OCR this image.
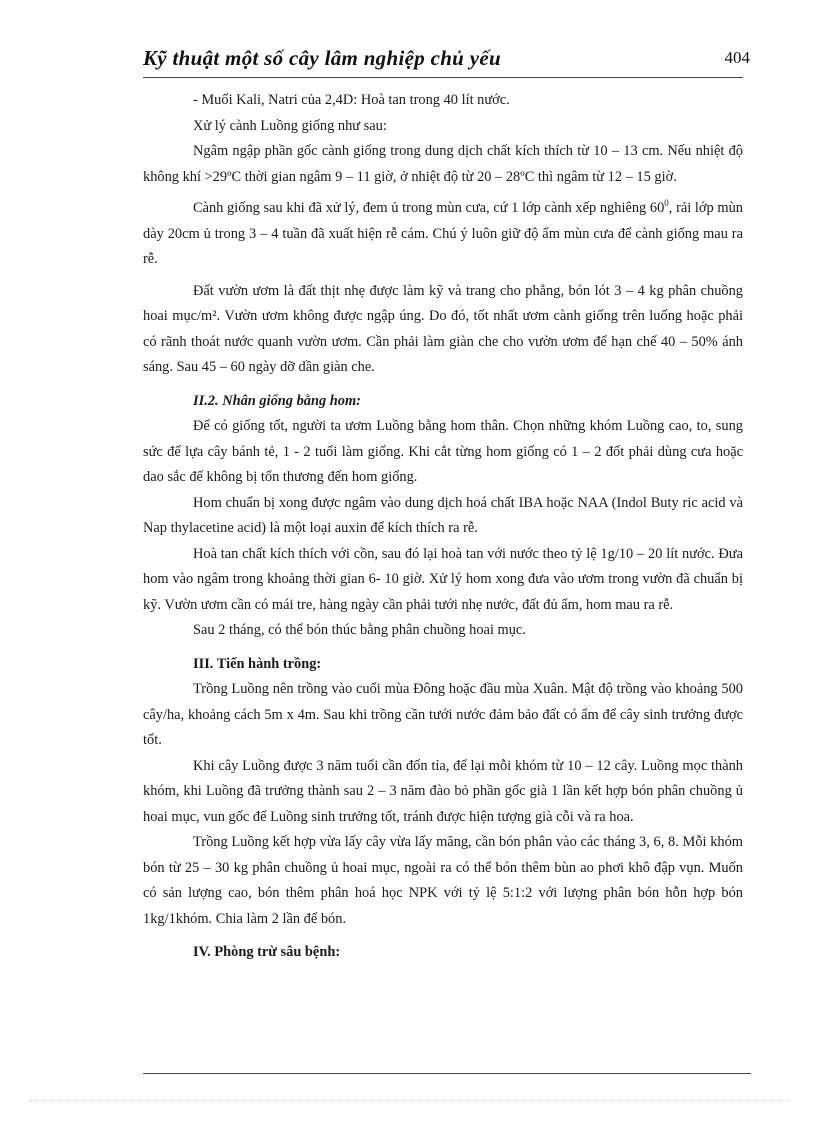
Kỹ thuật một số cây lâm nghiệp chủ yếu	404

- Muối Kali, Natri của 2,4D: Hoà tan trong 40 lít nước.

Xử lý cành Luồng giống như sau:

Ngâm ngập phần gốc cành giống trong dung dịch chất kích thích từ 10 – 13 cm. Nếu nhiệt độ không khí >29ºC thời gian ngâm 9 – 11 giờ, ở nhiệt độ từ 20 – 28ºC thì ngâm từ 12 – 15 giờ.

Cành giống sau khi đã xử lý, đem ủ trong mùn cưa, cứ 1 lớp cành xếp nghiêng $60^0$, rải lớp mùn dày 20cm ủ trong 3 – 4 tuần đã xuất hiện rễ cám. Chú ý luôn giữ độ ẩm mùn cưa để cành giống mau ra rễ.

Đất vườn ươm là đất thịt nhẹ được làm kỹ và trang cho phẳng, bón lót 3 – 4 kg phân chuồng hoai mục/m². Vườn ươm không được ngập úng. Do đó, tốt nhất ươm cành giống trên luống hoặc phải có rãnh thoát nước quanh vườn ươm. Cần phải làm giàn che cho vườn ươm để hạn chế 40 – 50% ánh sáng. Sau 45 – 60 ngày dỡ dần giàn che.

II.2. Nhân giống bằng hom:

Để có giống tốt, người ta ươm Luồng bằng hom thân. Chọn những khóm Luồng cao, to, sung sức để lựa cây bánh tẻ, 1 - 2 tuổi làm giống. Khi cắt từng hom giống có 1 – 2 đốt phải dùng cưa hoặc dao sắc để không bị tổn thương đến hom giống.

Hom chuẩn bị xong được ngâm vào dung dịch hoá chất IBA hoặc NAA (Indol Buty ric acid và Nap thylacetine acid) là một loại auxin để kích thích ra rễ.

Hoà tan chất kích thích với cồn, sau đó lại hoà tan với nước theo tỷ lệ 1g/10 – 20 lít nước. Đưa hom vào ngâm trong khoảng thời gian 6- 10 giờ. Xử lý hom xong đưa vào ươm trong vườn đã chuẩn bị kỹ. Vườn ươm cần có mái tre, hàng ngày cần phải tưới nhẹ nước, đất đủ ẩm, hom mau ra rễ.

Sau 2 tháng, có thể bón thúc bằng phân chuồng hoai mục.

III. Tiến hành trồng:

Trồng Luồng nên trồng vào cuối mùa Đông hoặc đầu mùa Xuân. Mật độ trồng vào khoảng 500 cây/ha, khoảng cách 5m x 4m. Sau khi trồng cần tưới nước đảm bảo đất có ẩm để cây sinh trưởng được tốt.

Khi cây Luồng được 3 năm tuổi cần đốn tỉa, để lại mỗi khóm từ 10 – 12 cây. Luồng mọc thành khóm, khi Luồng đã trưởng thành sau 2 – 3 năm đào bỏ phần gốc già 1 lần kết hợp bón phân chuồng ủ hoai mục, vun gốc để Luồng sinh trưởng tốt, tránh được hiện tượng già cỗi và ra hoa.

Trồng Luồng kết hợp vừa lấy cây vừa lấy măng, cần bón phân vào các tháng 3, 6, 8. Mỗi khóm bón từ 25 – 30 kg phân chuồng ủ hoai mục, ngoài ra có thể bón thêm bùn ao phơi khô đập vụn. Muốn có sản lượng cao, bón thêm phân hoá học NPK với tỷ lệ 5:1:2 với lượng phân bón hỗn hợp bón 1kg/1khóm. Chia làm 2 lần để bón.

IV. Phòng trừ sâu bệnh:
